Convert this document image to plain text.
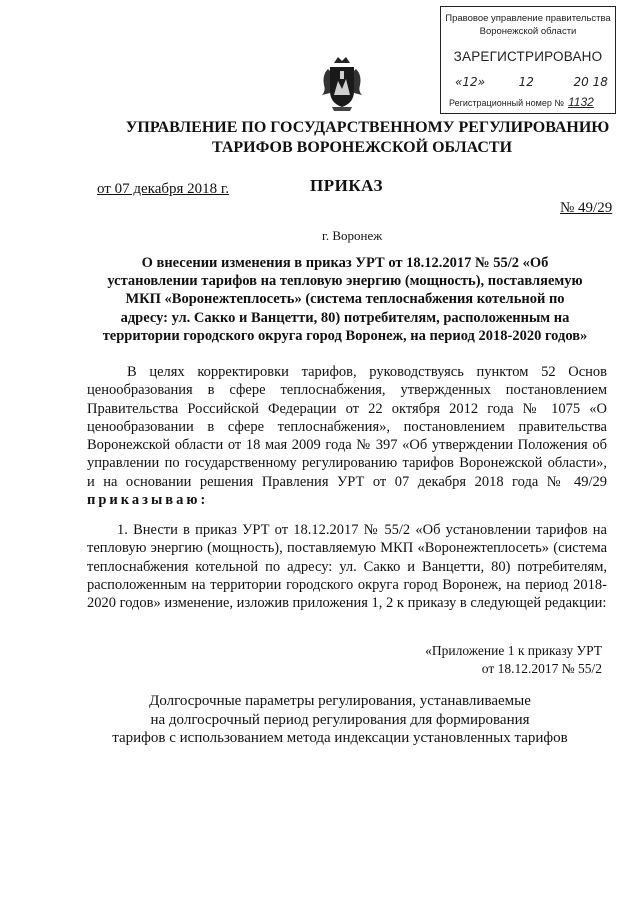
Правовое управление правительства
Воронежской области
ЗАРЕГИСТРИРОВАНО
«12»	12	20 18
Регистрационный номер № 1132
УПРАВЛЕНИЕ ПО ГОСУДАРСТВЕННОМУ РЕГУЛИРОВАНИЮ
ТАРИФОВ ВОРОНЕЖСКОЙ ОБЛАСТИ
ПРИКАЗ
от 07 декабря 2018 г.
№ 49/29
г. Воронеж
О внесении изменения в приказ УРТ от 18.12.2017 № 55/2 «Об установлении тарифов на тепловую энергию (мощность), поставляемую МКП «Воронежтеплосеть» (система теплоснабжения котельной по адресу: ул. Сакко и Ванцетти, 80) потребителям, расположенным на территории городского округа город Воронеж, на период 2018-2020 годов»
В целях корректировки тарифов, руководствуясь пунктом 52 Основ ценообразования в сфере теплоснабжения, утвержденных постановлением Правительства Российской Федерации от 22 октября 2012 года № 1075 «О ценообразовании в сфере теплоснабжения», постановлением правительства Воронежской области от 18 мая 2009 года № 397 «Об утверждении Положения об управлении по государственному регулированию тарифов Воронежской области», и на основании решения Правления УРТ от 07 декабря 2018 года № 49/29 приказываю:
1. Внести в приказ УРТ от 18.12.2017 № 55/2 «Об установлении тарифов на тепловую энергию (мощность), поставляемую МКП «Воронежтеплосеть» (система теплоснабжения котельной по адресу: ул. Сакко и Ванцетти, 80) потребителям, расположенным на территории городского округа город Воронеж, на период 2018-2020 годов» изменение, изложив приложения 1, 2 к приказу в следующей редакции:
«Приложение 1 к приказу УРТ
от 18.12.2017 № 55/2
Долгосрочные параметры регулирования, устанавливаемые
на долгосрочный период регулирования для формирования
тарифов с использованием метода индексации установленных тарифов
